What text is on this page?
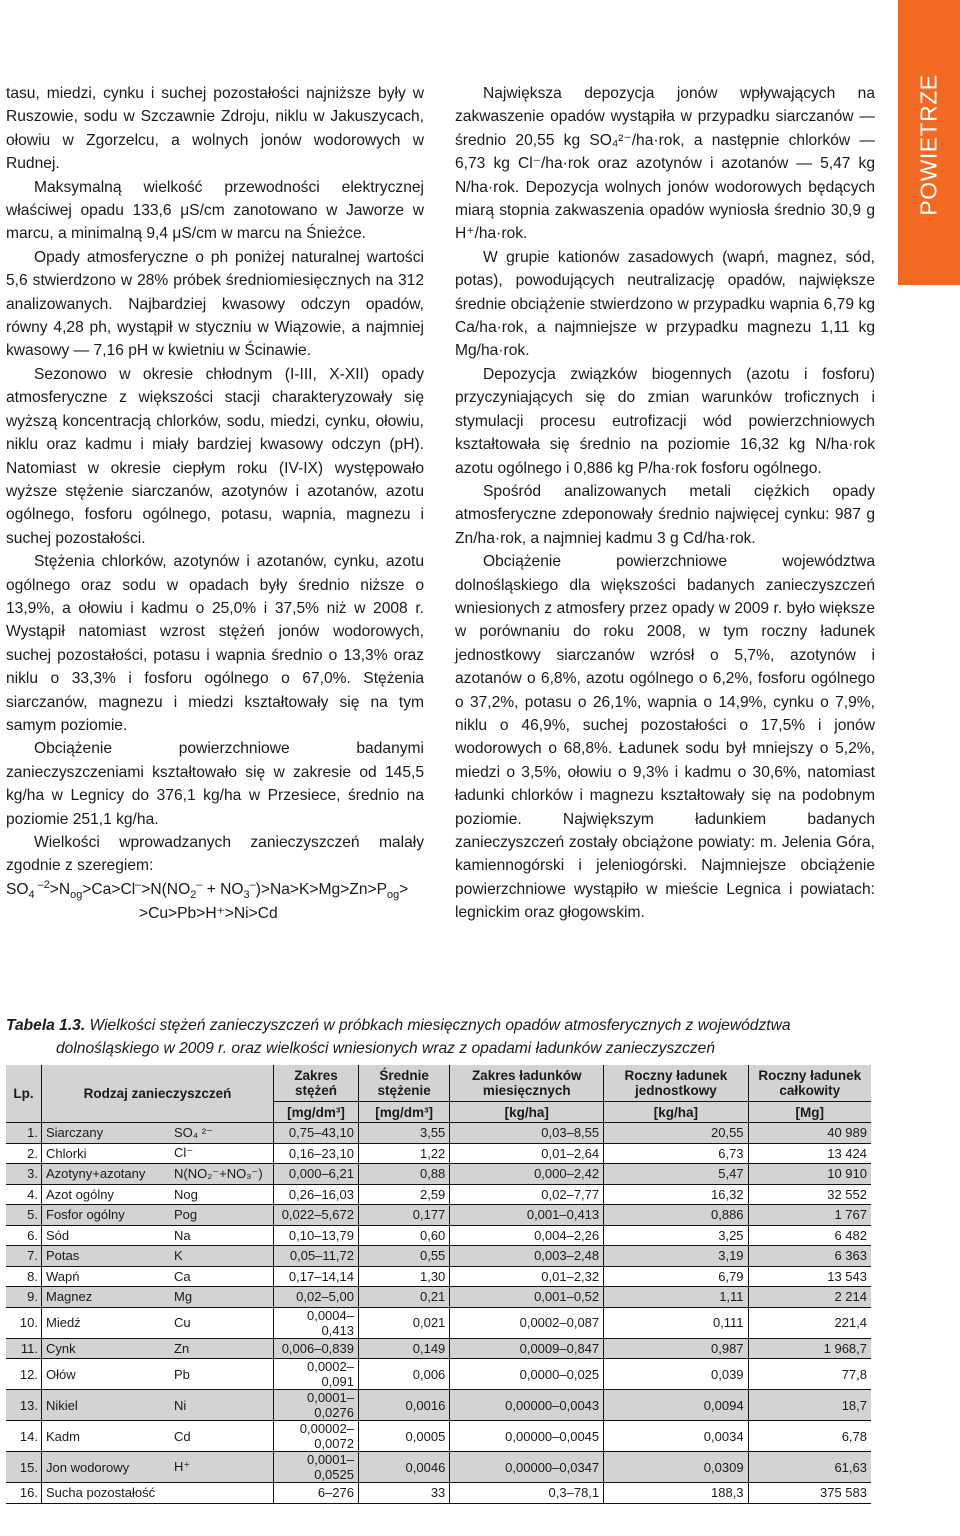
POWIETRZE

tasu, miedzi, cynku i suchej pozostałości najniższe były w Ruszowie, sodu w Szczawnie Zdroju, niklu w Jakuszycach, ołowiu w Zgorzelcu, a wolnych jonów wodorowych w Rudnej.

Maksymalną wielkość przewodności elektrycznej właściwej opadu 133,6 μS/cm zanotowano w Jaworze w marcu, a minimalną 9,4 μS/cm w marcu na Śnieżce.

Opady atmosferyczne o ph poniżej naturalnej wartości 5,6 stwierdzono w 28% próbek średniomiesięcznych na 312 analizowanych. Najbardziej kwasowy odczyn opadów, równy 4,28 ph, wystąpił w styczniu w Wiązowie, a najmniej kwasowy — 7,16 pH w kwietniu w Ścinawie.

Sezonowo w okresie chłodnym (I-III, X-XII) opady atmosferyczne z większości stacji charakteryzowały się wyższą koncentracją chlorków, sodu, miedzi, cynku, ołowiu, niklu oraz kadmu i miały bardziej kwasowy odczyn (pH). Natomiast w okresie ciepłym roku (IV-IX) występowało wyższe stężenie siarczanów, azotynów i azotanów, azotu ogólnego, fosforu ogólnego, potasu, wapnia, magnezu i suchej pozostałości.

Stężenia chlorków, azotynów i azotanów, cynku, azotu ogólnego oraz sodu w opadach były średnio niższe o 13,9%, a ołowiu i kadmu o 25,0% i 37,5% niż w 2008 r. Wystąpił natomiast wzrost stężeń jonów wodorowych, suchej pozostałości, potasu i wapnia średnio o 13,3% oraz niklu o 33,3% i fosforu ogólnego o 67,0%. Stężenia siarczanów, magnezu i miedzi kształtowały się na tym samym poziomie.

Obciążenie powierzchniowe badanymi zanieczyszczeniami kształtowało się w zakresie od 145,5 kg/ha w Legnicy do 376,1 kg/ha w Przesiece, średnio na poziomie 251,1 kg/ha.

Wielkości wprowadzanych zanieczyszczeń malały zgodnie z szeregiem:

$SO_4$ $^{-2}>N_{og}>Ca>Cl^->N(NO_2^- + NO_3^-)>Na>K>Mg>Zn>P_{og}>$
>Cu>Pb>H⁺>Ni>Cd

Największa depozycja jonów wpływających na zakwaszenie opadów wystąpiła w przypadku siarczanów — średnio 20,55 kg SO₄²⁻/ha·rok, a następnie chlorków — 6,73 kg Cl⁻/ha·rok oraz azotynów i azotanów — 5,47 kg N/ha·rok. Depozycja wolnych jonów wodorowych będących miarą stopnia zakwaszenia opadów wyniosła średnio 30,9 g H⁺/ha·rok.

W grupie kationów zasadowych (wapń, magnez, sód, potas), powodujących neutralizację opadów, największe średnie obciążenie stwierdzono w przypadku wapnia 6,79 kg Ca/ha·rok, a najmniejsze w przypadku magnezu 1,11 kg Mg/ha·rok.

Depozycja związków biogennych (azotu i fosforu) przyczyniających się do zmian warunków troficznych i stymulacji procesu eutrofizacji wód powierzchniowych kształtowała się średnio na poziomie 16,32 kg N/ha·rok azotu ogólnego i 0,886 kg P/ha·rok fosforu ogólnego.

Spośród analizowanych metali ciężkich opady atmosferyczne zdeponowały średnio najwięcej cynku: 987 g Zn/ha·rok, a najmniej kadmu 3 g Cd/ha·rok.

Obciążenie powierzchniowe województwa dolnośląskiego dla większości badanych zanieczyszczeń wniesionych z atmosfery przez opady w 2009 r. było większe w porównaniu do roku 2008, w tym roczny ładunek jednostkowy siarczanów wzrósł o 5,7%, azotynów i azotanów o 6,8%, azotu ogólnego o 6,2%, fosforu ogólnego o 37,2%, potasu o 26,1%, wapnia o 14,9%, cynku o 7,9%, niklu o 46,9%, suchej pozostałości o 17,5% i jonów wodorowych o 68,8%. Ładunek sodu był mniejszy o 5,2%, miedzi o 3,5%, ołowiu o 9,3% i kadmu o 30,6%, natomiast ładunki chlorków i magnezu kształtowały się na podobnym poziomie. Największym ładunkiem badanych zanieczyszczeń zostały obciążone powiaty: m. Jelenia Góra, kamiennogórski i jeleniogórski. Najmniejsze obciążenie powierzchniowe wystąpiło w mieście Legnica i powiatach: legnickim oraz głogowskim.

Tabela 1.3. Wielkości stężeń zanieczyszczeń w próbkach miesięcznych opadów atmosferycznych z województwa
dolnośląskiego w 2009 r. oraz wielkości wniesionych wraz z opadami ładunków zanieczyszczeń
Lp.	Rodzaj zanieczyszczeń		Zakres stężeń	Średnie stężenie	Zakres ładunków miesięcznych	Roczny ładunek jednostkowy	Roczny ładunek całkowity
			[mg/dm³]	[mg/dm³]	[kg/ha]	[kg/ha]	[Mg]
1.	Siarczany	SO₄ ²⁻	0,75–43,10	3,55	0,03–8,55	20,55	40 989
2.	Chlorki	Cl⁻	0,16–23,10	1,22	0,01–2,64	6,73	13 424
3.	Azotyny+azotany	N(NO₂⁻+NO₃⁻)	0,000–6,21	0,88	0,000–2,42	5,47	10 910
4.	Azot ogólny	Nog	0,26–16,03	2,59	0,02–7,77	16,32	32 552
5.	Fosfor ogólny	Pog	0,022–5,672	0,177	0,001–0,413	0,886	1 767
6.	Sód	Na	0,10–13,79	0,60	0,004–2,26	3,25	6 482
7.	Potas	K	0,05–11,72	0,55	0,003–2,48	3,19	6 363
8.	Wapń	Ca	0,17–14,14	1,30	0,01–2,32	6,79	13 543
9.	Magnez	Mg	0,02–5,00	0,21	0,001–0,52	1,11	2 214
10.	Miedź	Cu	0,0004–0,413	0,021	0,0002–0,087	0,111	221,4
11.	Cynk	Zn	0,006–0,839	0,149	0,0009–0,847	0,987	1 968,7
12.	Ołów	Pb	0,0002–0,091	0,006	0,0000–0,025	0,039	77,8
13.	Nikiel	Ni	0,0001–0,0276	0,0016	0,00000–0,0043	0,0094	18,7
14.	Kadm	Cd	0,00002–0,0072	0,0005	0,00000–0,0045	0,0034	6,78
15.	Jon wodorowy	H⁺	0,0001–0,0525	0,0046	0,00000–0,0347	0,0309	61,63
16.	Sucha pozostałość		6–276	33	0,3–78,1	188,3	375 583
